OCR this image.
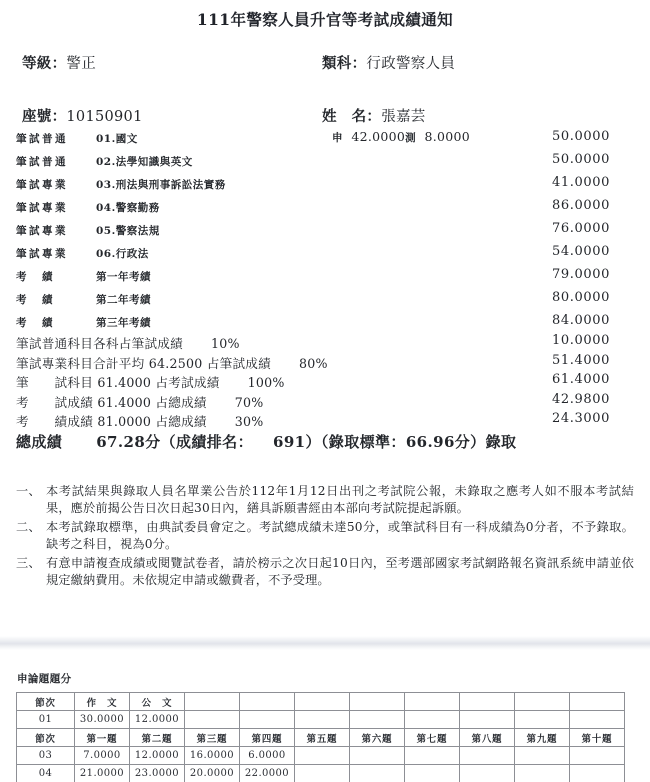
111年警察人員升官等考試成績通知
等級：警正	類科：行政警察人員
座號：10150901	姓　名：張嘉芸
筆試普通	01.國文	申 42.0000測 8.0000	50.0000
筆試普通	02.法學知識與英文	50.0000
筆試專業	03.刑法與刑事訴訟法實務	41.0000
筆試專業	04.警察勤務	86.0000
筆試專業	05.警察法規	76.0000
筆試專業	06.行政法	54.0000
考　績	第一年考績	79.0000
考　績	第二年考績	80.0000
考　績	第三年考績	84.0000
筆試普通科目各科占筆試成績 10%	10.0000
筆試專業科目合計平均 64.2500 占筆試成績 80%	51.4000
筆　　試科目 61.4000 占考試成績 100%	61.4000
考　　試成績 61.4000 占總成績 70%	42.9800
考　　績成績 81.0000 占總成績 30%	24.3000
總成績 67.28分（成績排名： 691）（錄取標準：66.96分）錄取
一、 本考試結果與錄取人員名單業公告於112年1月12日出刊之考試院公報，未錄取之應考人如不服本考試結果，應於前揭公告日次日起30日內，繕具訴願書經由本部向考試院提起訴願。
二、 本考試錄取標準，由典試委員會定之。考試總成績未達50分，或筆試科目有一科成績為0分者，不予錄取。缺考之科目，視為0分。
三、 有意申請複查成績或閱覽試卷者，請於榜示之次日起10日內，至考選部國家考試網路報名資訊系統申請並依規定繳納費用。未依規定申請或繳費者，不予受理。
申論題題分
節次	作　文	公　文								
01	30.0000	12.0000								
節次	第一題	第二題	第三題	第四題	第五題	第六題	第七題	第八題	第九題	第十題
03	7.0000	12.0000	16.0000	6.0000						
04	21.0000	23.0000	20.0000	22.0000						
